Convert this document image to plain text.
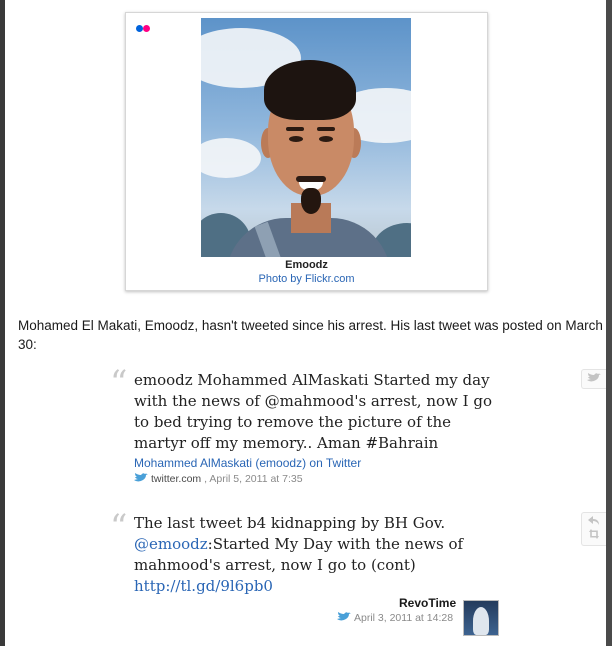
Emoodz
Photo by Flickr.com
Mohamed El Makati, Emoodz, hasn't tweeted since his arrest. His last tweet was posted on March 30:
“ emoodz Mohammed AlMaskati Started my day with the news of @mahmood's arrest, now I go to bed trying to remove the picture of the martyr off my memory.. Aman #Bahrain
Mohammed AlMaskati (emoodz) on Twitter
twitter.com , April 5, 2011 at 7:35
“ The last tweet b4 kidnapping by BH Gov. @emoodz:Started My Day with the news of mahmood's arrest, now I go to (cont)
http://tl.gd/9l6pb0
RevoTime
April 3, 2011 at 14:28
